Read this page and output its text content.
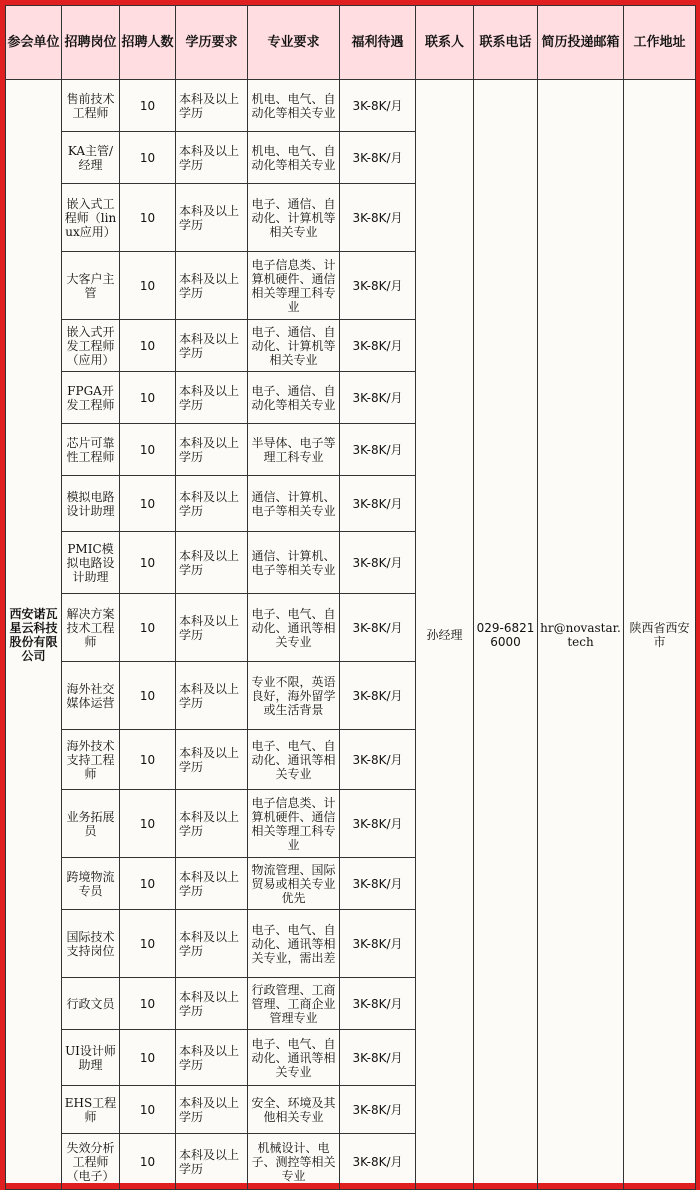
参会单位	招聘岗位	招聘人数	学历要求	专业要求	福利待遇	联系人	联系电话	简历投递邮箱	工作地址
西安诺瓦星云科技股份有限公司	售前技术工程师	10	本科及以上学历	机电、电气、自动化等相关专业	3K-8K/月	孙经理	029-68216000	hr@novastar.tech	陕西省西安市
	KA主管/经理	10	本科及以上学历	机电、电气、自动化等相关专业	3K-8K/月				
	嵌入式工程师（linux应用）	10	本科及以上学历	电子、通信、自动化、计算机等相关专业	3K-8K/月				
	大客户主管	10	本科及以上学历	电子信息类、计算机硬件、通信相关等理工科专业	3K-8K/月				
	嵌入式开发工程师（应用）	10	本科及以上学历	电子、通信、自动化、计算机等相关专业	3K-8K/月				
	FPGA开发工程师	10	本科及以上学历	电子、通信、自动化等相关专业	3K-8K/月				
	芯片可靠性工程师	10	本科及以上学历	半导体、电子等理工科专业	3K-8K/月				
	模拟电路设计助理	10	本科及以上学历	通信、计算机、电子等相关专业	3K-8K/月				
	PMIC模拟电路设计助理	10	本科及以上学历	通信、计算机、电子等相关专业	3K-8K/月				
	解决方案技术工程师	10	本科及以上学历	电子、电气、自动化、通讯等相关专业	3K-8K/月				
	海外社交媒体运营	10	本科及以上学历	专业不限，英语良好，海外留学或生活背景	3K-8K/月				
	海外技术支持工程师	10	本科及以上学历	电子、电气、自动化、通讯等相关专业	3K-8K/月				
	业务拓展员	10	本科及以上学历	电子信息类、计算机硬件、通信相关等理工科专业	3K-8K/月				
	跨境物流专员	10	本科及以上学历	物流管理、国际贸易或相关专业优先	3K-8K/月				
	国际技术支持岗位	10	本科及以上学历	电子、电气、自动化、通讯等相关专业，需出差	3K-8K/月				
	行政文员	10	本科及以上学历	行政管理、工商管理、工商企业管理专业	3K-8K/月				
	UI设计师助理	10	本科及以上学历	电子、电气、自动化、通讯等相关专业	3K-8K/月				
	EHS工程师	10	本科及以上学历	安全、环境及其他相关专业	3K-8K/月				
	失效分析工程师（电子）	10	本科及以上学历	机械设计、电子、测控等相关专业	3K-8K/月				
